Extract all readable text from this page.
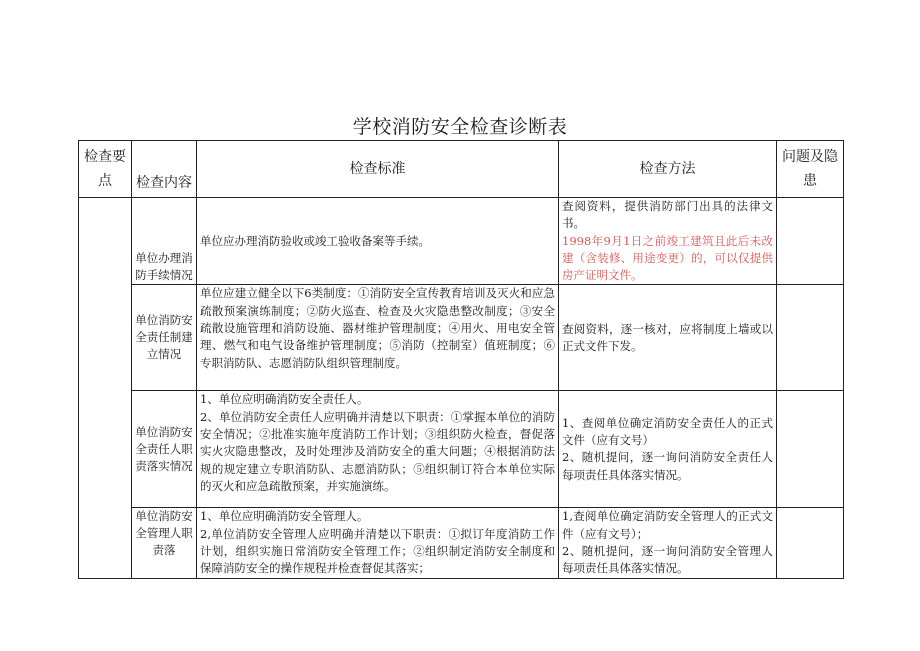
学校消防安全检查诊断表
检查要点	检查内容	检查标准	检查方法	问题及隐患
	单位办理消防手续情况	单位应办理消防验收或竣工验收备案等手续。	查阅资料，提供消防部门出具的法律文书。
1998年9月1日之前竣工建筑且此后未改建（含装修、用途变更）的，可以仅提供房产证明文件。	

	单位消防安全责任制建立情况	单位应建立健全以下6类制度：①消防安全宣传教育培训及灭火和应急疏散预案演练制度；②防火巡查、检查及火灾隐患整改制度；③安全疏散设施管理和消防设施、器材维护管理制度；④用火、用电安全管理、燃气和电气设备维护管理制度；⑤消防（控制室）值班制度；⑥专职消防队、志愿消防队组织管理制度。	查阅资料，逐一核对，应将制度上墙或以正式文件下发。	
	单位消防安全责任人职责落实情况	1、单位应明确消防安全责任人。
2、单位消防安全责任人应明确并清楚以下职责：①掌握本单位的消防安全情况；②批准实施年度消防工作计划；③组织防火检查，督促落实火灾隐患整改，及时处理涉及消防安全的重大问题；④根据消防法规的规定建立专职消防队、志愿消防队；⑤组织制订符合本单位实际的灭火和应急疏散预案，并实施演练。	1、查阅单位确定消防安全责任人的正式文件（应有文号）
2、随机提问，逐一询问消防安全责任人每项责任具体落实情况。	

	单位消防安全管理人职责落	1、单位应明确消防安全管理人。
2,单位消防安全管理人应明确并清楚以下职责：①拟订年度消防工作计划，组织实施日常消防安全管理工作；②组织制定消防安全制度和保障消防安全的操作规程并检查督促其落实；	1,查阅单位确定消防安全管理人的正式文件（应有文号）；
2、随机提问，逐一询问消防安全管理人每项责任具体落实情况。	
